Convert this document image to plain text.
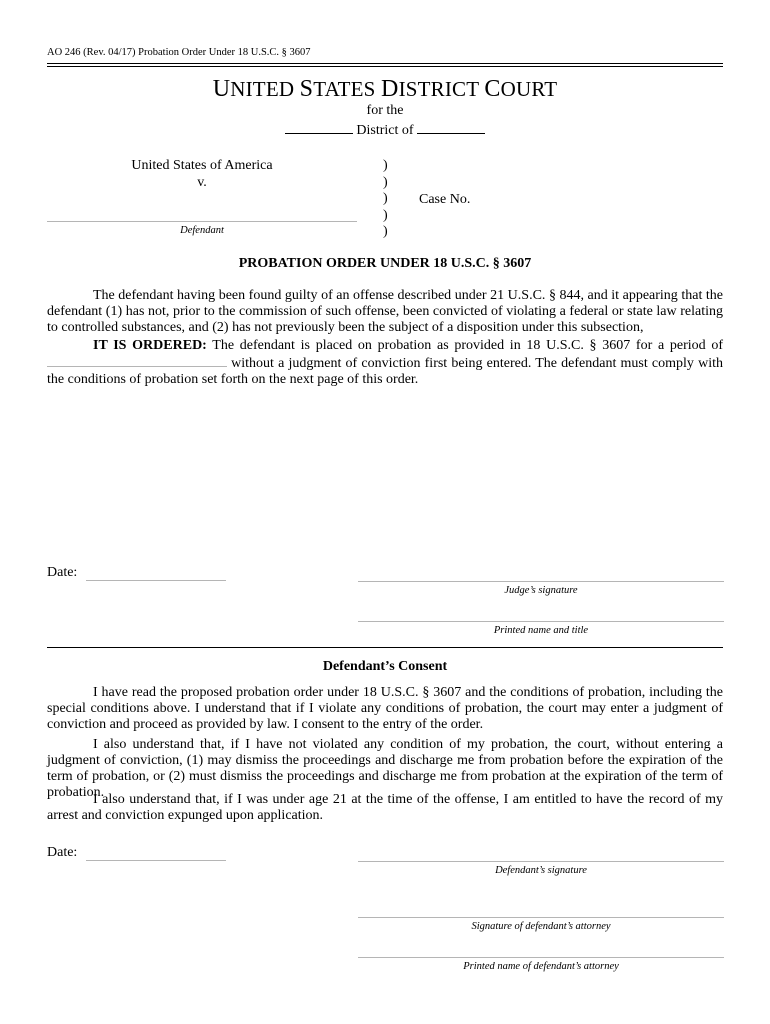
AO 246 (Rev. 04/17) Probation Order Under 18 U.S.C. § 3607
UNITED STATES DISTRICT COURT
for the
District of
United States of America
v.
Defendant
)
)
)
)
)
Case No.
PROBATION ORDER UNDER 18 U.S.C. § 3607
The defendant having been found guilty of an offense described under 21 U.S.C. § 844, and it appearing that the defendant (1) has not, prior to the commission of such offense, been convicted of violating a federal or state law relating to controlled substances, and (2) has not previously been the subject of a disposition under this subsection,
IT IS ORDERED: The defendant is placed on probation as provided in 18 U.S.C. § 3607 for a period of  without a judgment of conviction first being entered. The defendant must comply with the conditions of probation set forth on the next page of this order.
Date:
Judge’s signature
Printed name and title
Defendant’s Consent
I have read the proposed probation order under 18 U.S.C. § 3607 and the conditions of probation, including the special conditions above. I understand that if I violate any conditions of probation, the court may enter a judgment of conviction and proceed as provided by law. I consent to the entry of the order.
I also understand that, if I have not violated any condition of my probation, the court, without entering a judgment of conviction, (1) may dismiss the proceedings and discharge me from probation before the expiration of the term of probation, or (2) must dismiss the proceedings and discharge me from probation at the expiration of the term of probation.
I also understand that, if I was under age 21 at the time of the offense, I am entitled to have the record of my arrest and conviction expunged upon application.
Date:
Defendant’s signature
Signature of defendant’s attorney
Printed name of defendant’s attorney
